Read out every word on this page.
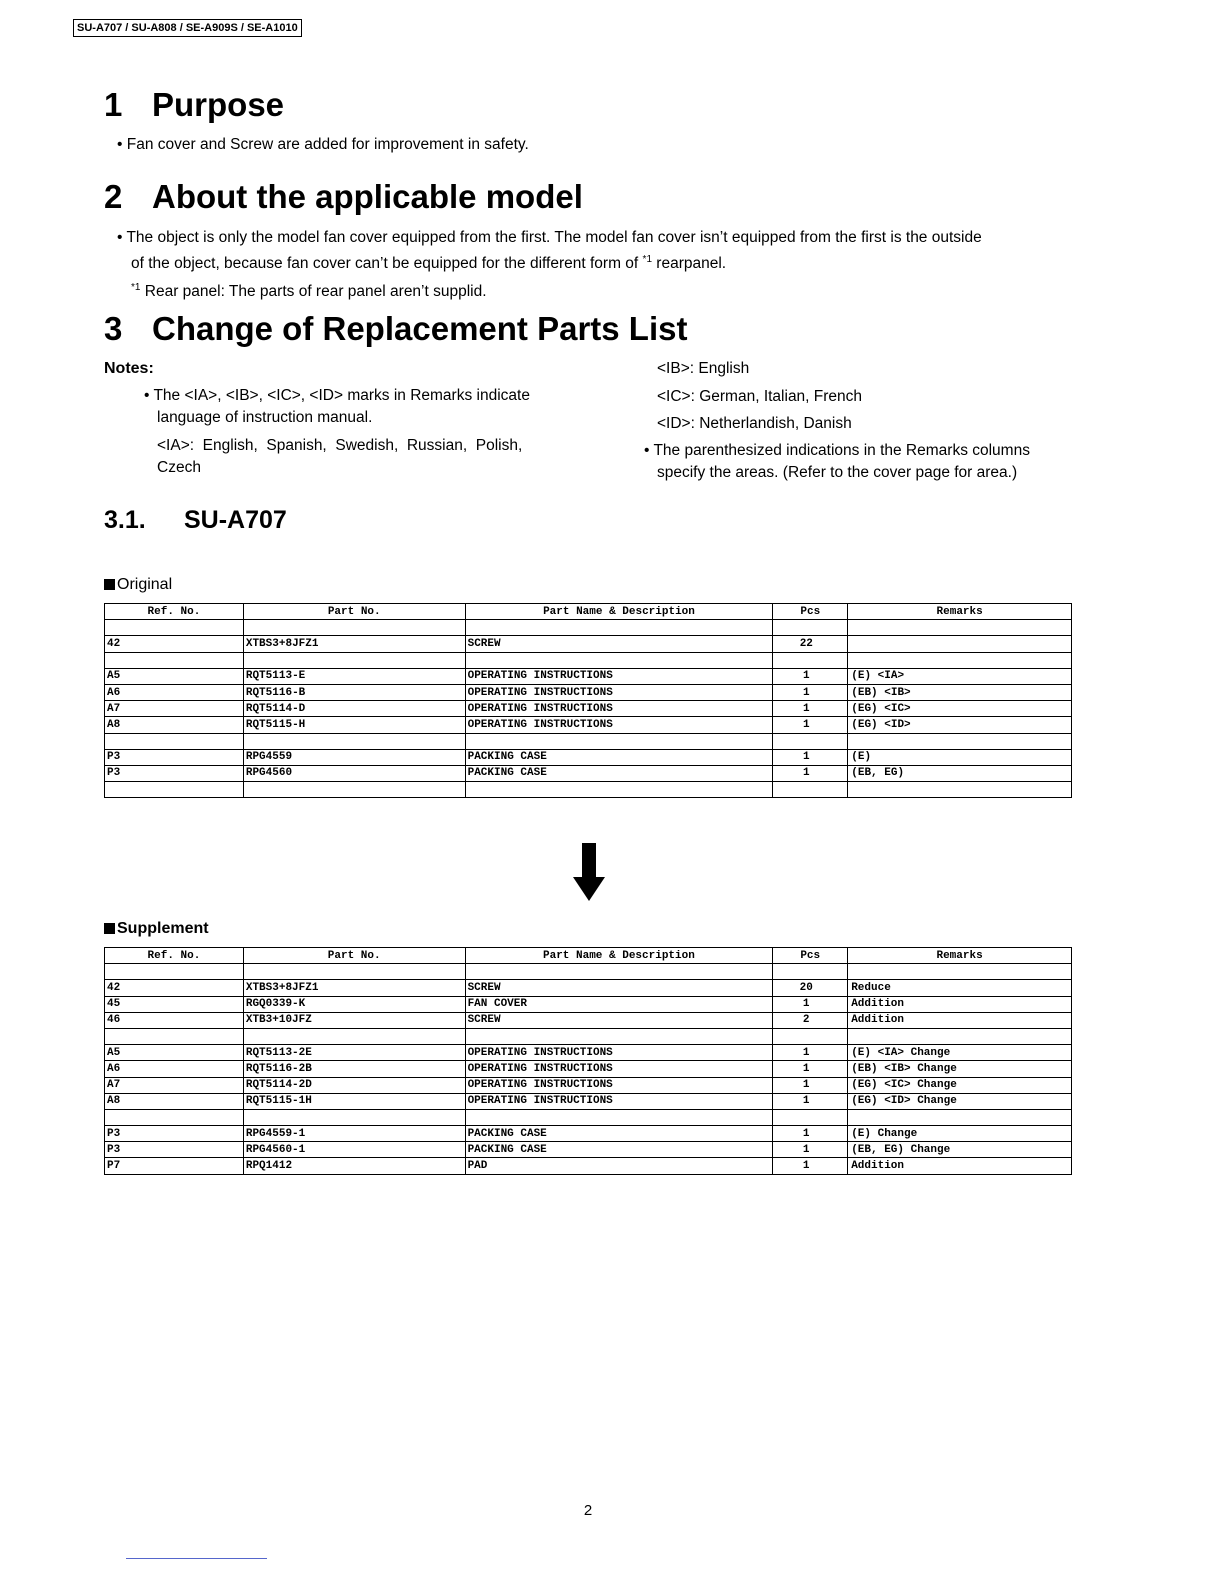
SU-A707 / SU-A808 / SE-A909S / SE-A1010
1 Purpose
• Fan cover and Screw are added for improvement in safety.
2 About the applicable model
• The object is only the model fan cover equipped from the first. The model fan cover isn’t equipped from the first is the outside
of the object, because fan cover can’t be equipped for the different form of $^{*1}$ rearpanel.
$^{*1}$ Rear panel: The parts of rear panel aren’t supplid.
3 Change of Replacement Parts List
Notes:
• The <IA>, <IB>, <IC>, <ID> marks in Remarks indicate
language of instruction manual.
<IA>:  English,  Spanish,  Swedish,  Russian,  Polish,
Czech
<IB>: English
<IC>: German, Italian, French
<ID>: Netherlandish, Danish
• The parenthesized indications in the Remarks columns
specify the areas. (Refer to the cover page for area.)
3.1. SU-A707
Original
Ref. No.	Part No.	Part Name & Description	Pcs	Remarks

42	XTBS3+8JFZ1	SCREW	22	

A5	RQT5113-E	OPERATING INSTRUCTIONS	1	(E) <IA>
A6	RQT5116-B	OPERATING INSTRUCTIONS	1	(EB) <IB>
A7	RQT5114-D	OPERATING INSTRUCTIONS	1	(EG) <IC>
A8	RQT5115-H	OPERATING INSTRUCTIONS	1	(EG) <ID>

P3	RPG4559	PACKING CASE	1	(E)
P3	RPG4560	PACKING CASE	1	(EB, EG)

Supplement
Ref. No.	Part No.	Part Name & Description	Pcs	Remarks

42	XTBS3+8JFZ1	SCREW	20	Reduce
45	RGQ0339-K	FAN COVER	1	Addition
46	XTB3+10JFZ	SCREW	2	Addition

A5	RQT5113-2E	OPERATING INSTRUCTIONS	1	(E) <IA> Change
A6	RQT5116-2B	OPERATING INSTRUCTIONS	1	(EB) <IB> Change
A7	RQT5114-2D	OPERATING INSTRUCTIONS	1	(EG) <IC> Change
A8	RQT5115-1H	OPERATING INSTRUCTIONS	1	(EG) <ID> Change

P3	RPG4559-1	PACKING CASE	1	(E) Change
P3	RPG4560-1	PACKING CASE	1	(EB, EG) Change
P7	RPQ1412	PAD	1	Addition
2
